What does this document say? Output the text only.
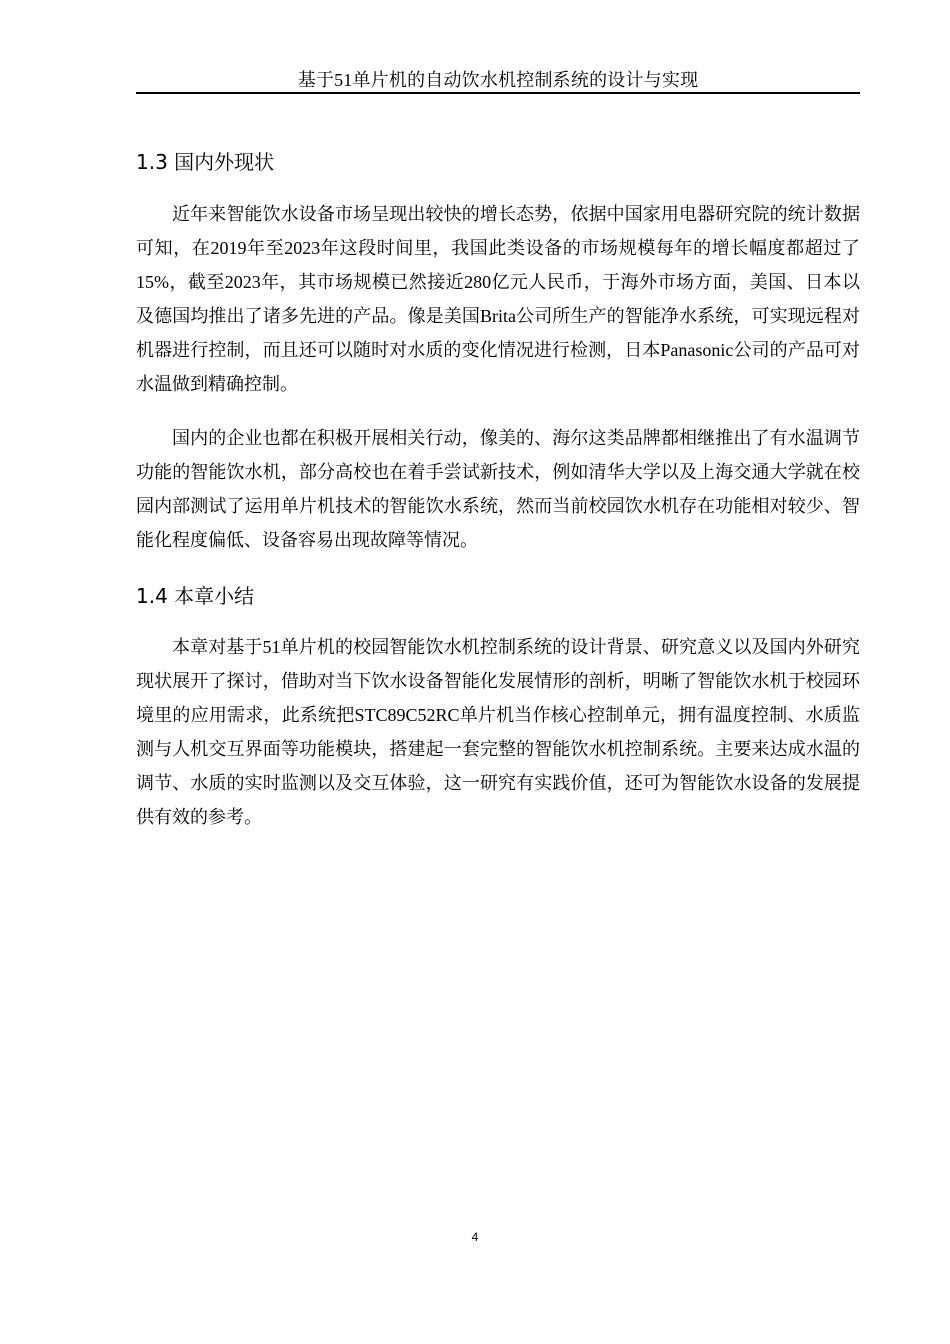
基于51单片机的自动饮水机控制系统的设计与实现
1.3 国内外现状

近年来智能饮水设备市场呈现出较快的增长态势，依据中国家用电器研究院的统计数据可知，在2019年至2023年这段时间里，我国此类设备的市场规模每年的增长幅度都超过了15%，截至2023年，其市场规模已然接近280亿元人民币，于海外市场方面，美国、日本以及德国均推出了诸多先进的产品。像是美国Brita公司所生产的智能净水系统，可实现远程对机器进行控制，而且还可以随时对水质的变化情况进行检测，日本Panasonic公司的产品可对水温做到精确控制。

国内的企业也都在积极开展相关行动，像美的、海尔这类品牌都相继推出了有水温调节功能的智能饮水机，部分高校也在着手尝试新技术，例如清华大学以及上海交通大学就在校园内部测试了运用单片机技术的智能饮水系统，然而当前校园饮水机存在功能相对较少、智能化程度偏低、设备容易出现故障等情况。

1.4 本章小结

本章对基于51单片机的校园智能饮水机控制系统的设计背景、研究意义以及国内外研究现状展开了探讨，借助对当下饮水设备智能化发展情形的剖析，明晰了智能饮水机于校园环境里的应用需求，此系统把STC89C52RC单片机当作核心控制单元，拥有温度控制、水质监测与人机交互界面等功能模块，搭建起一套完整的智能饮水机控制系统。主要来达成水温的调节、水质的实时监测以及交互体验，这一研究有实践价值，还可为智能饮水设备的发展提供有效的参考。

4
